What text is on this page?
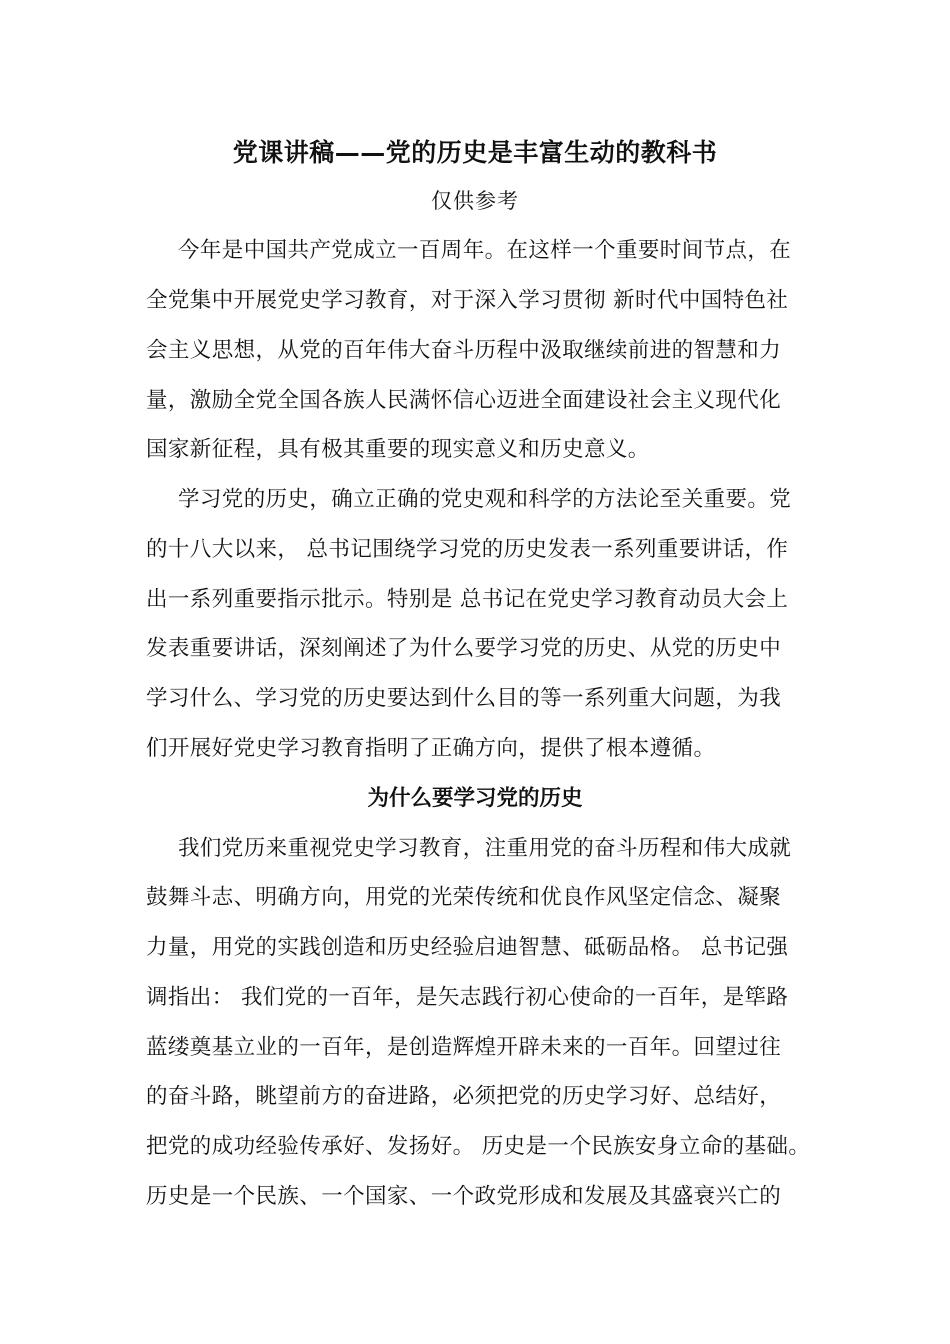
党课讲稿——党的历史是丰富生动的教科书
仅供参考
今年是中国共产党成立一百周年。在这样一个重要时间节点，在
全党集中开展党史学习教育，对于深入学习贯彻 新时代中国特色社
会主义思想，从党的百年伟大奋斗历程中汲取继续前进的智慧和力
量，激励全党全国各族人民满怀信心迈进全面建设社会主义现代化
国家新征程，具有极其重要的现实意义和历史意义。
学习党的历史，确立正确的党史观和科学的方法论至关重要。党
的十八大以来， 总书记围绕学习党的历史发表一系列重要讲话，作
出一系列重要指示批示。特别是 总书记在党史学习教育动员大会上
发表重要讲话，深刻阐述了为什么要学习党的历史、从党的历史中
学习什么、学习党的历史要达到什么目的等一系列重大问题，为我
们开展好党史学习教育指明了正确方向，提供了根本遵循。
为什么要学习党的历史
我们党历来重视党史学习教育，注重用党的奋斗历程和伟大成就
鼓舞斗志、明确方向，用党的光荣传统和优良作风坚定信念、凝聚
力量，用党的实践创造和历史经验启迪智慧、砥砺品格。 总书记强
调指出： 我们党的一百年，是矢志践行初心使命的一百年，是筚路
蓝缕奠基立业的一百年，是创造辉煌开辟未来的一百年。回望过往
的奋斗路，眺望前方的奋进路，必须把党的历史学习好、总结好，
把党的成功经验传承好、发扬好。 历史是一个民族安身立命的基础。
历史是一个民族、一个国家、一个政党形成和发展及其盛衰兴亡的
